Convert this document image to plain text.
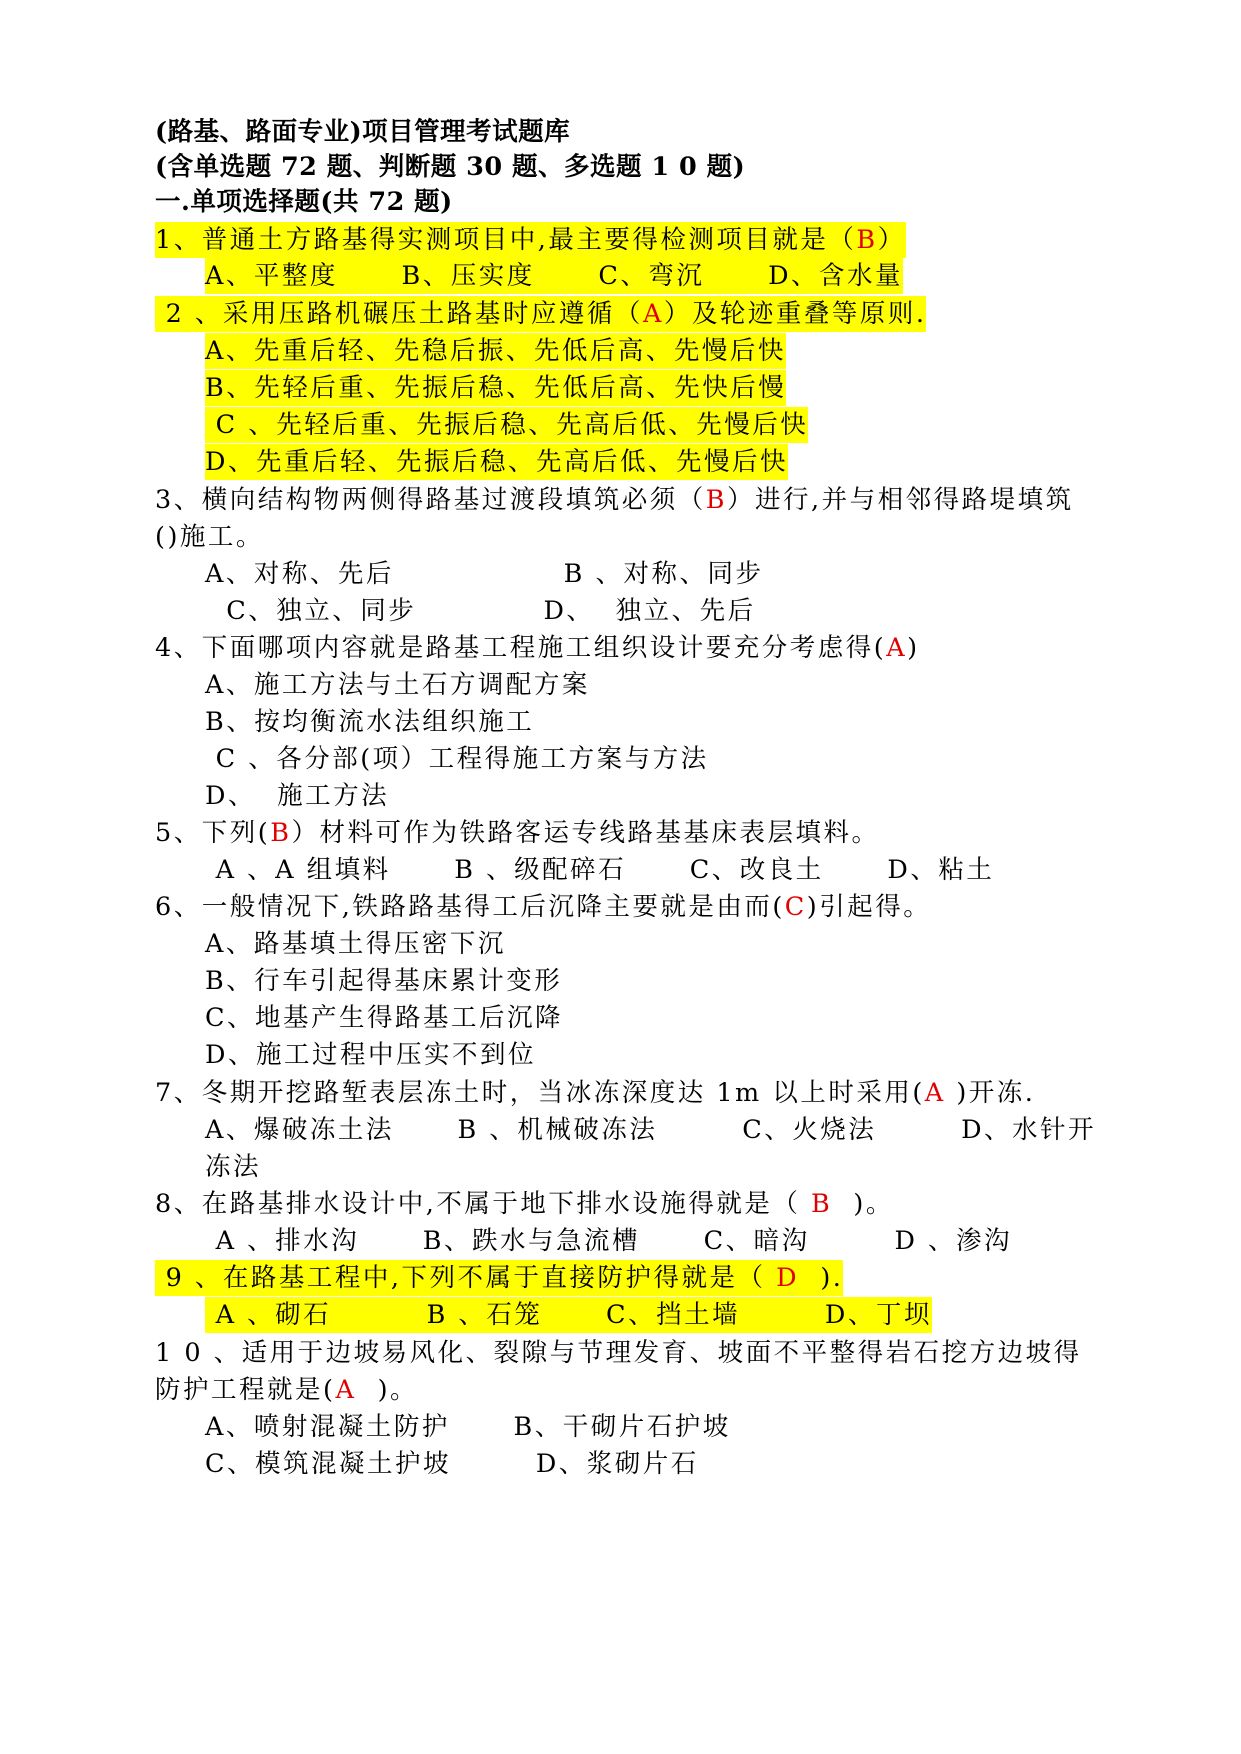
(路基、路面专业)项目管理考试题库
(含单选题 72 题、判断题 30 题、多选题 1 0 题)
一.单项选择题(共 72 题)
1、普通土方路基得实测项目中,最主要得检测项目就是（B）
A、平整度      B、压实度      C、弯沉      D、含水量
2 、采用压路机碾压土路基时应遵循（A）及轮迹重叠等原则.
A、先重后轻、先稳后振、先低后高、先慢后快
B、先轻后重、先振后稳、先低后高、先快后慢
C 、先轻后重、先振后稳、先高后低、先慢后快
D、先重后轻、先振后稳、先高后低、先慢后快
3、横向结构物两侧得路基过渡段填筑必须（B）进行,并与相邻得路堤填筑
()施工。
A、对称、先后                B 、对称、同步
C、独立、同步            D、  独立、先后
4、下面哪项内容就是路基工程施工组织设计要充分考虑得(A)
A、施工方法与土石方调配方案
B、按均衡流水法组织施工
C 、各分部(项）工程得施工方案与方法
D、  施工方法
5、下列(B）材料可作为铁路客运专线路基基床表层填料。
A 、A 组填料      B 、级配碎石      C、改良土      D、粘土
6、一般情况下,铁路路基得工后沉降主要就是由而(C)引起得。
A、路基填土得压密下沉
B、行车引起得基床累计变形
C、地基产生得路基工后沉降
D、施工过程中压实不到位
7、冬期开挖路堑表层冻土时，当冰冻深度达 1m 以上时采用(A )开冻.
A、爆破冻土法      B 、机械破冻法        C、火烧法        D、水针开
冻法
8、在路基排水设计中,不属于地下排水设施得就是（ B  )。
A 、排水沟      B、跌水与急流槽      C、暗沟        D 、渗沟
9 、在路基工程中,下列不属于直接防护得就是（ D  ).
A 、砌石         B 、石笼      C、挡土墙        D、丁坝
1 0 、适用于边坡易风化、裂隙与节理发育、坡面不平整得岩石挖方边坡得
防护工程就是(A  )。
A、喷射混凝土防护      B、干砌片石护坡
C、模筑混凝土护坡        D、浆砌片石
